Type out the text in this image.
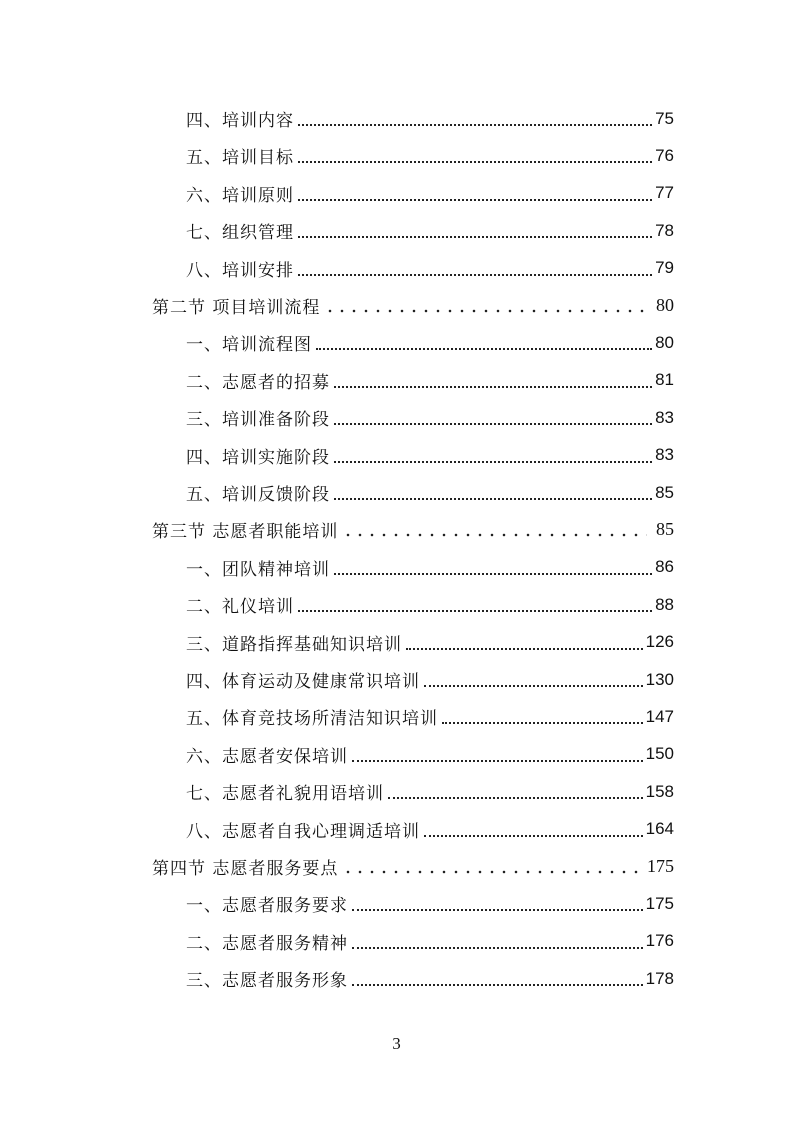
四、培训内容	75
五、培训目标	76
六、培训原则	77
七、组织管理	78
八、培训安排	79
第二节 项目培训流程	80
一、培训流程图	80
二、志愿者的招募	81
三、培训准备阶段	83
四、培训实施阶段	83
五、培训反馈阶段	85
第三节 志愿者职能培训	85
一、团队精神培训	86
二、礼仪培训	88
三、道路指挥基础知识培训	126
四、体育运动及健康常识培训	130
五、体育竞技场所清洁知识培训	147
六、志愿者安保培训	150
七、志愿者礼貌用语培训	158
八、志愿者自我心理调适培训	164
第四节 志愿者服务要点	175
一、志愿者服务要求	175
二、志愿者服务精神	176
三、志愿者服务形象	178
3
